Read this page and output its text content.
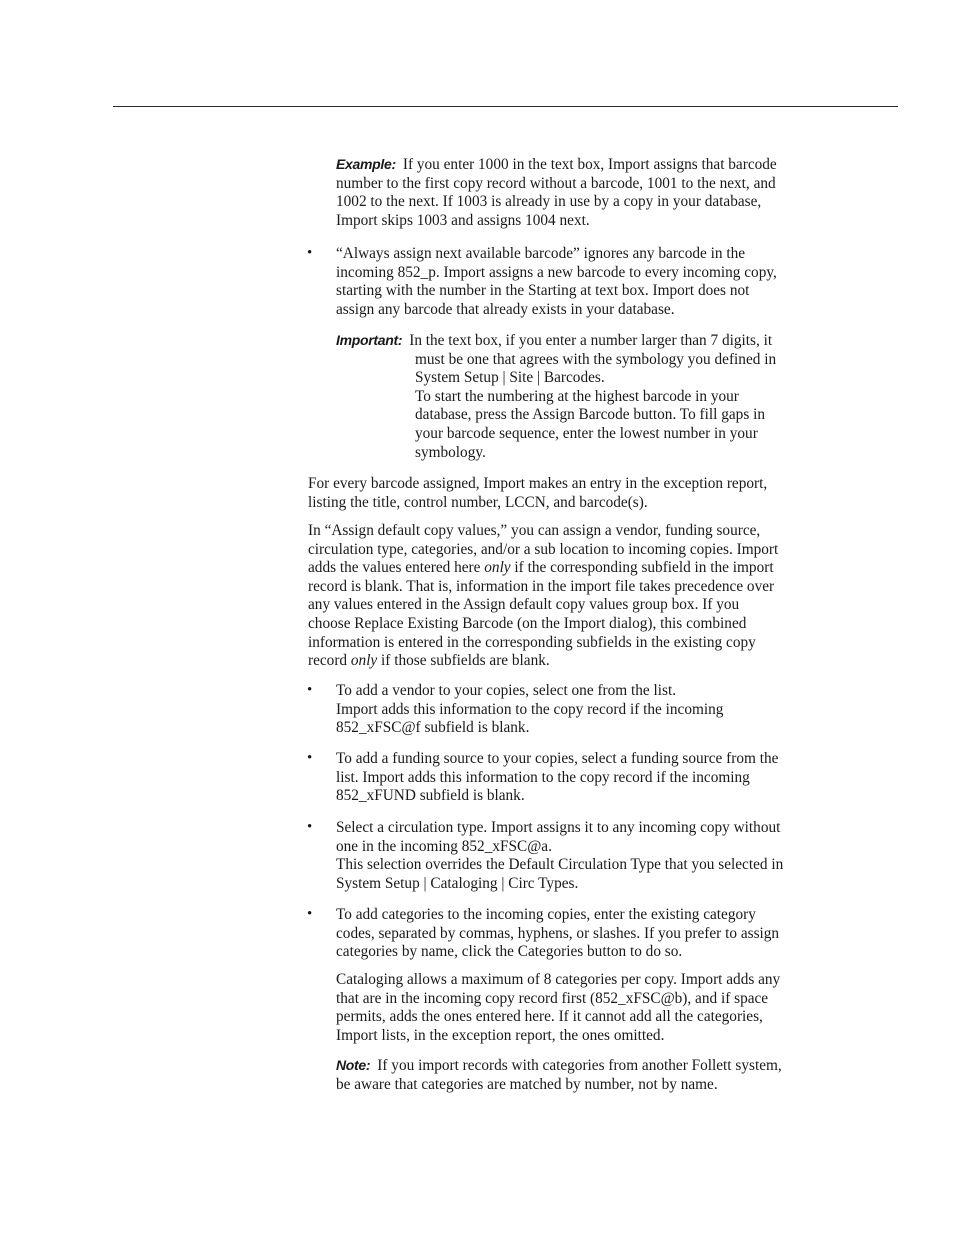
Example: If you enter 1000 in the text box, Import assigns that barcode
number to the first copy record without a barcode, 1001 to the next, and
1002 to the next. If 1003 is already in use by a copy in your database,
Import skips 1003 and assigns 1004 next.
• “Always assign next available barcode” ignores any barcode in the
incoming 852_p. Import assigns a new barcode to every incoming copy,
starting with the number in the Starting at text box. Import does not
assign any barcode that already exists in your database.
Important: In the text box, if you enter a number larger than 7 digits, it
must be one that agrees with the symbology you defined in
System Setup | Site | Barcodes.
To start the numbering at the highest barcode in your
database, press the Assign Barcode button. To fill gaps in
your barcode sequence, enter the lowest number in your
symbology.
For every barcode assigned, Import makes an entry in the exception report,
listing the title, control number, LCCN, and barcode(s).
In “Assign default copy values,” you can assign a vendor, funding source,
circulation type, categories, and/or a sub location to incoming copies. Import
adds the values entered here only if the corresponding subfield in the import
record is blank. That is, information in the import file takes precedence over
any values entered in the Assign default copy values group box. If you
choose Replace Existing Barcode (on the Import dialog), this combined
information is entered in the corresponding subfields in the existing copy
record only if those subfields are blank.
• To add a vendor to your copies, select one from the list.
Import adds this information to the copy record if the incoming
852_xFSC@f subfield is blank.
• To add a funding source to your copies, select a funding source from the
list. Import adds this information to the copy record if the incoming
852_xFUND subfield is blank.
• Select a circulation type. Import assigns it to any incoming copy without
one in the incoming 852_xFSC@a.
This selection overrides the Default Circulation Type that you selected in
System Setup | Cataloging | Circ Types.
• To add categories to the incoming copies, enter the existing category
codes, separated by commas, hyphens, or slashes. If you prefer to assign
categories by name, click the Categories button to do so.
Cataloging allows a maximum of 8 categories per copy. Import adds any
that are in the incoming copy record first (852_xFSC@b), and if space
permits, adds the ones entered here. If it cannot add all the categories,
Import lists, in the exception report, the ones omitted.
Note: If you import records with categories from another Follett system,
be aware that categories are matched by number, not by name.
